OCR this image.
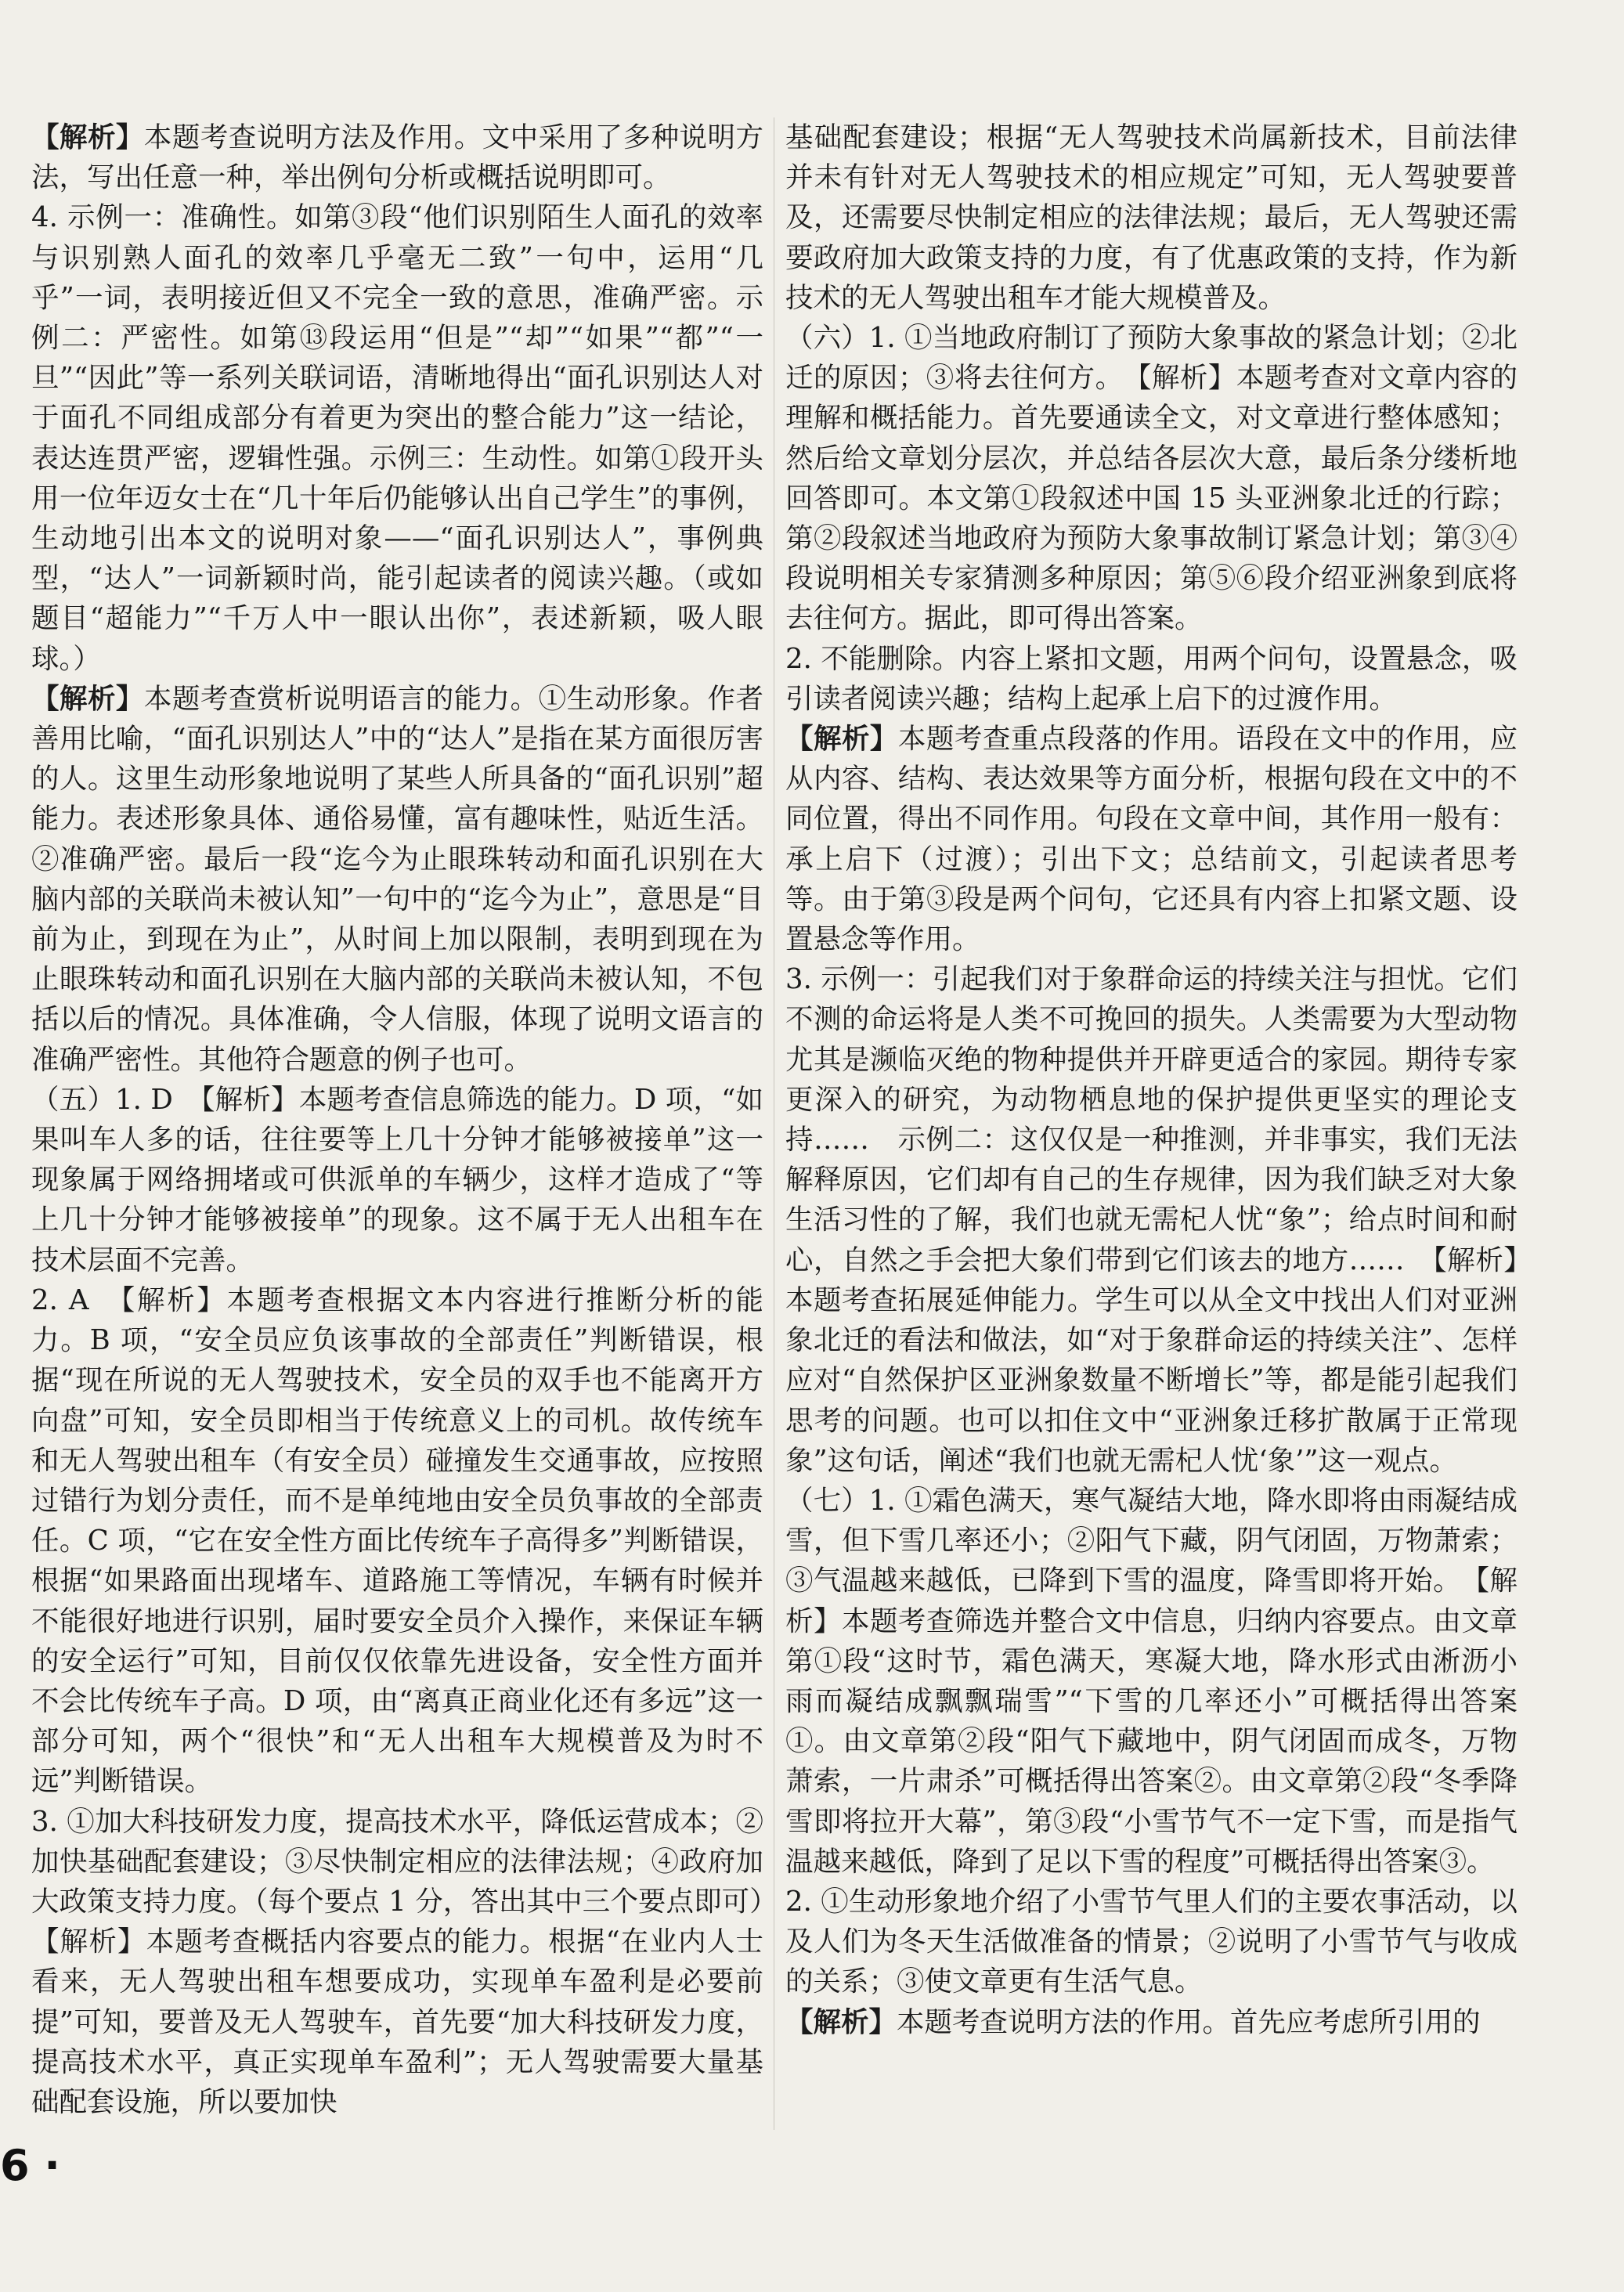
【解析】本题考查说明方法及作用。文中采用了多种说明方法，写出任意一种，举出例句分析或概括说明即可。

4. 示例一：准确性。如第③段“他们识别陌生人面孔的效率与识别熟人面孔的效率几乎毫无二致”一句中，运用“几乎”一词，表明接近但又不完全一致的意思，准确严密。示例二：严密性。如第⑬段运用“但是”“却”“如果”“都”“一旦”“因此”等一系列关联词语，清晰地得出“面孔识别达人对于面孔不同组成部分有着更为突出的整合能力”这一结论，表达连贯严密，逻辑性强。示例三：生动性。如第①段开头用一位年迈女士在“几十年后仍能够认出自己学生”的事例，生动地引出本文的说明对象——“面孔识别达人”，事例典型，“达人”一词新颖时尚，能引起读者的阅读兴趣。（或如题目“超能力”“千万人中一眼认出你”，表述新颖，吸人眼球。）

【解析】本题考查赏析说明语言的能力。①生动形象。作者善用比喻，“面孔识别达人”中的“达人”是指在某方面很厉害的人。这里生动形象地说明了某些人所具备的“面孔识别”超能力。表述形象具体、通俗易懂，富有趣味性，贴近生活。②准确严密。最后一段“迄今为止眼珠转动和面孔识别在大脑内部的关联尚未被认知”一句中的“迄今为止”，意思是“目前为止，到现在为止”，从时间上加以限制，表明到现在为止眼珠转动和面孔识别在大脑内部的关联尚未被认知，不包括以后的情况。具体准确，令人信服，体现了说明文语言的准确严密性。其他符合题意的例子也可。

（五）1. D　【解析】本题考查信息筛选的能力。D 项，“如果叫车人多的话，往往要等上几十分钟才能够被接单”这一现象属于网络拥堵或可供派单的车辆少，这样才造成了“等上几十分钟才能够被接单”的现象。这不属于无人出租车在技术层面不完善。

2. A　【解析】本题考查根据文本内容进行推断分析的能力。B 项，“安全员应负该事故的全部责任”判断错误，根据“现在所说的无人驾驶技术，安全员的双手也不能离开方向盘”可知，安全员即相当于传统意义上的司机。故传统车和无人驾驶出租车（有安全员）碰撞发生交通事故，应按照过错行为划分责任，而不是单纯地由安全员负事故的全部责任。C 项，“它在安全性方面比传统车子高得多”判断错误，根据“如果路面出现堵车、道路施工等情况，车辆有时候并不能很好地进行识别，届时要安全员介入操作，来保证车辆的安全运行”可知，目前仅仅依靠先进设备，安全性方面并不会比传统车子高。D 项，由“离真正商业化还有多远”这一部分可知，两个“很快”和“无人出租车大规模普及为时不远”判断错误。

3. ①加大科技研发力度，提高技术水平，降低运营成本；②加快基础配套建设；③尽快制定相应的法律法规；④政府加大政策支持力度。（每个要点 1 分，答出其中三个要点即可）　【解析】本题考查概括内容要点的能力。根据“在业内人士看来，无人驾驶出租车想要成功，实现单车盈利是必要前提”可知，要普及无人驾驶车，首先要“加大科技研发力度，提高技术水平，真正实现单车盈利”；无人驾驶需要大量基础配套设施，所以要加快

基础配套建设；根据“无人驾驶技术尚属新技术，目前法律并未有针对无人驾驶技术的相应规定”可知，无人驾驶要普及，还需要尽快制定相应的法律法规；最后，无人驾驶还需要政府加大政策支持的力度，有了优惠政策的支持，作为新技术的无人驾驶出租车才能大规模普及。

（六）1. ①当地政府制订了预防大象事故的紧急计划；②北迁的原因；③将去往何方。　【解析】本题考查对文章内容的理解和概括能力。首先要通读全文，对文章进行整体感知；然后给文章划分层次，并总结各层次大意，最后条分缕析地回答即可。本文第①段叙述中国 15 头亚洲象北迁的行踪；第②段叙述当地政府为预防大象事故制订紧急计划；第③④段说明相关专家猜测多种原因；第⑤⑥段介绍亚洲象到底将去往何方。据此，即可得出答案。

2. 不能删除。内容上紧扣文题，用两个问句，设置悬念，吸引读者阅读兴趣；结构上起承上启下的过渡作用。

【解析】本题考查重点段落的作用。语段在文中的作用，应从内容、结构、表达效果等方面分析，根据句段在文中的不同位置，得出不同作用。句段在文章中间，其作用一般有：承上启下（过渡）；引出下文；总结前文，引起读者思考等。由于第③段是两个问句，它还具有内容上扣紧文题、设置悬念等作用。

3. 示例一：引起我们对于象群命运的持续关注与担忧。它们不测的命运将是人类不可挽回的损失。人类需要为大型动物尤其是濒临灭绝的物种提供并开辟更适合的家园。期待专家更深入的研究，为动物栖息地的保护提供更坚实的理论支持……　示例二：这仅仅是一种推测，并非事实，我们无法解释原因，它们却有自己的生存规律，因为我们缺乏对大象生活习性的了解，我们也就无需杞人忧“象”；给点时间和耐心，自然之手会把大象们带到它们该去的地方……　【解析】本题考查拓展延伸能力。学生可以从全文中找出人们对亚洲象北迁的看法和做法，如“对于象群命运的持续关注”、怎样应对“自然保护区亚洲象数量不断增长”等，都是能引起我们思考的问题。也可以扣住文中“亚洲象迁移扩散属于正常现象”这句话，阐述“我们也就无需杞人忧‘象’”这一观点。

（七）1. ①霜色满天，寒气凝结大地，降水即将由雨凝结成雪，但下雪几率还小；②阳气下藏，阴气闭固，万物萧索；③气温越来越低，已降到下雪的温度，降雪即将开始。　【解析】本题考查筛选并整合文中信息，归纳内容要点。由文章第①段“这时节，霜色满天，寒凝大地，降水形式由淅沥小雨而凝结成飘飘瑞雪”“下雪的几率还小”可概括得出答案①。由文章第②段“阳气下藏地中，阴气闭固而成冬，万物萧索，一片肃杀”可概括得出答案②。由文章第②段“冬季降雪即将拉开大幕”，第③段“小雪节气不一定下雪，而是指气温越来越低，降到了足以下雪的程度”可概括得出答案③。

2. ①生动形象地介绍了小雪节气里人们的主要农事活动，以及人们为冬天生活做准备的情景；②说明了小雪节气与收成的关系；③使文章更有生活气息。

【解析】本题考查说明方法的作用。首先应考虑所引用的

6 ·
